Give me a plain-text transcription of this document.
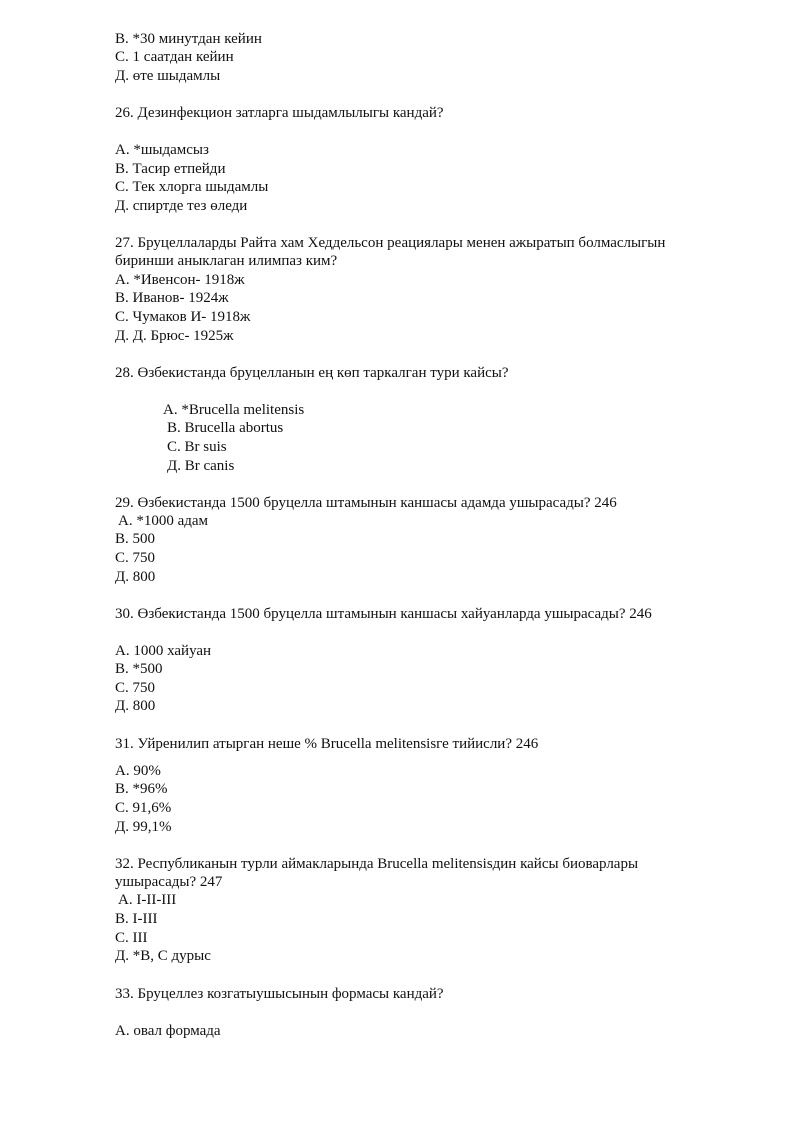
В. *30 минутдан кейин
С. 1 саатдан кейин
Д. өте шыдамлы
26. Дезинфекцион затларга шыдамлылыгы кандай?
А. *шыдамсыз
В. Тасир етпейди
С. Тек хлорга шыдамлы
Д. спиртде тез өледи
27. Бруцеллаларды Райта хам Хеддельсон реациялары менен ажыратып болмаслыгын
биринши аныклаган илимпаз ким?
А. *Ивенсон- 1918ж
В. Иванов- 1924ж
С. Чумаков И- 1918ж
Д. Д. Брюс- 1925ж
28. Өзбекистанда бруцелланын ең көп таркалган тури кайсы?
А. *Brucella melitensis
В. Brucella abortus
С. Br suis
Д. Br canis
29. Өзбекистанда 1500 бруцелла штамынын каншасы адамда ушырасады? 246
А. *1000 адам
В. 500
С. 750
Д. 800
30. Өзбекистанда 1500 бруцелла штамынын каншасы хайуанларда ушырасады? 246
А. 1000 хайуан
В. *500
С. 750
Д. 800
31. Уйренилип атырган неше % Brucella melitensisге тийисли? 246
А. 90%
В. *96%
С. 91,6%
Д. 99,1%
32. Республиканын турли аймакларында Brucella melitensisдин кайсы биоварлары
ушырасады? 247
А. I-II-III
В. I-III
С. III
Д. *В, С дурыс
33. Бруцеллез козгатыушысынын формасы кандай?
А. овал формада
